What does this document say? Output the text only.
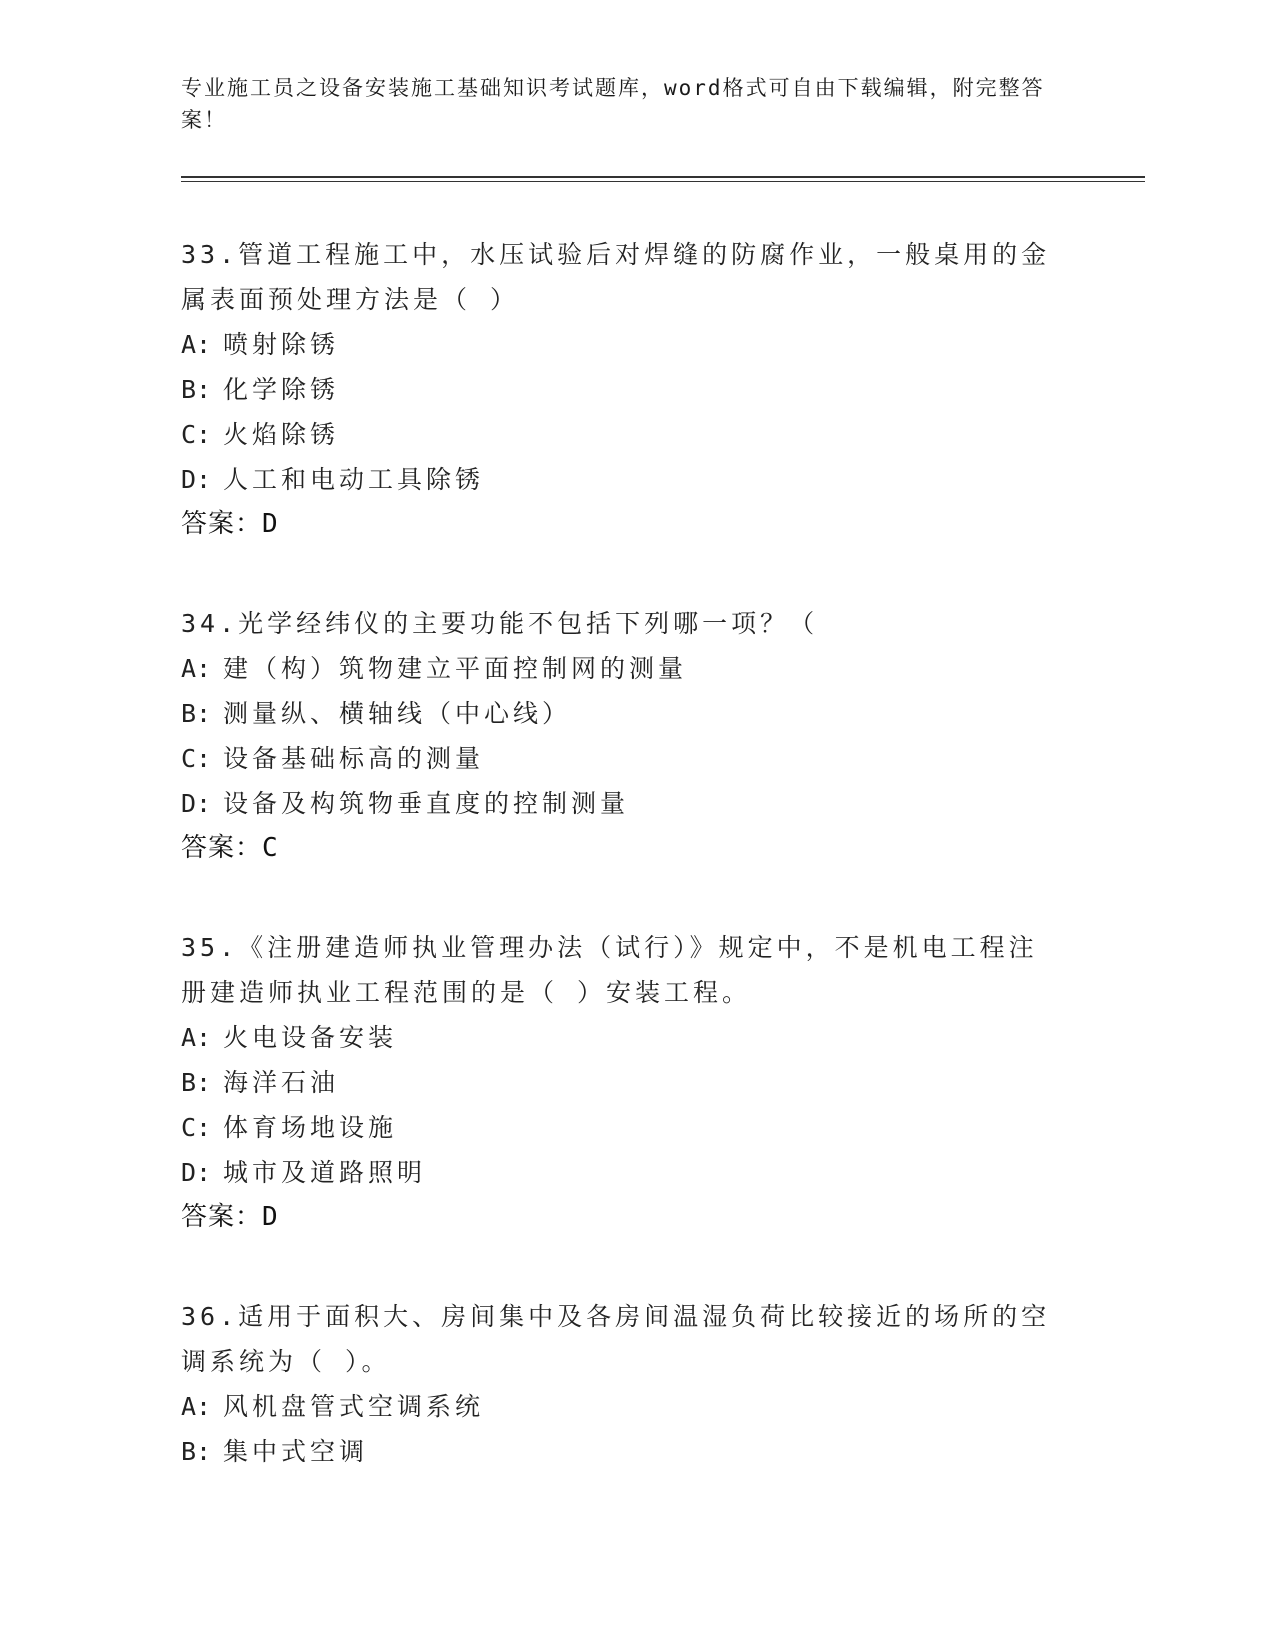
专业施工员之设备安装施工基础知识考试题库，word格式可自由下载编辑，附完整答案！
33.管道工程施工中，水压试验后对焊缝的防腐作业，一般桌用的金属表面预处理方法是（ ）
A: 喷射除锈
B: 化学除锈
C: 火焰除锈
D: 人工和电动工具除锈
答案：D
34.光学经纬仪的主要功能不包括下列哪一项？（
A: 建（构）筑物建立平面控制网的测量
B: 测量纵、横轴线（中心线）
C: 设备基础标高的测量
D: 设备及构筑物垂直度的控制测量
答案：C
35.《注册建造师执业管理办法（试行）》规定中，不是机电工程注册建造师执业工程范围的是（ ）安装工程。
A: 火电设备安装
B: 海洋石油
C: 体育场地设施
D: 城市及道路照明
答案：D
36.适用于面积大、房间集中及各房间温湿负荷比较接近的场所的空调系统为（ ）。
A: 风机盘管式空调系统
B: 集中式空调
